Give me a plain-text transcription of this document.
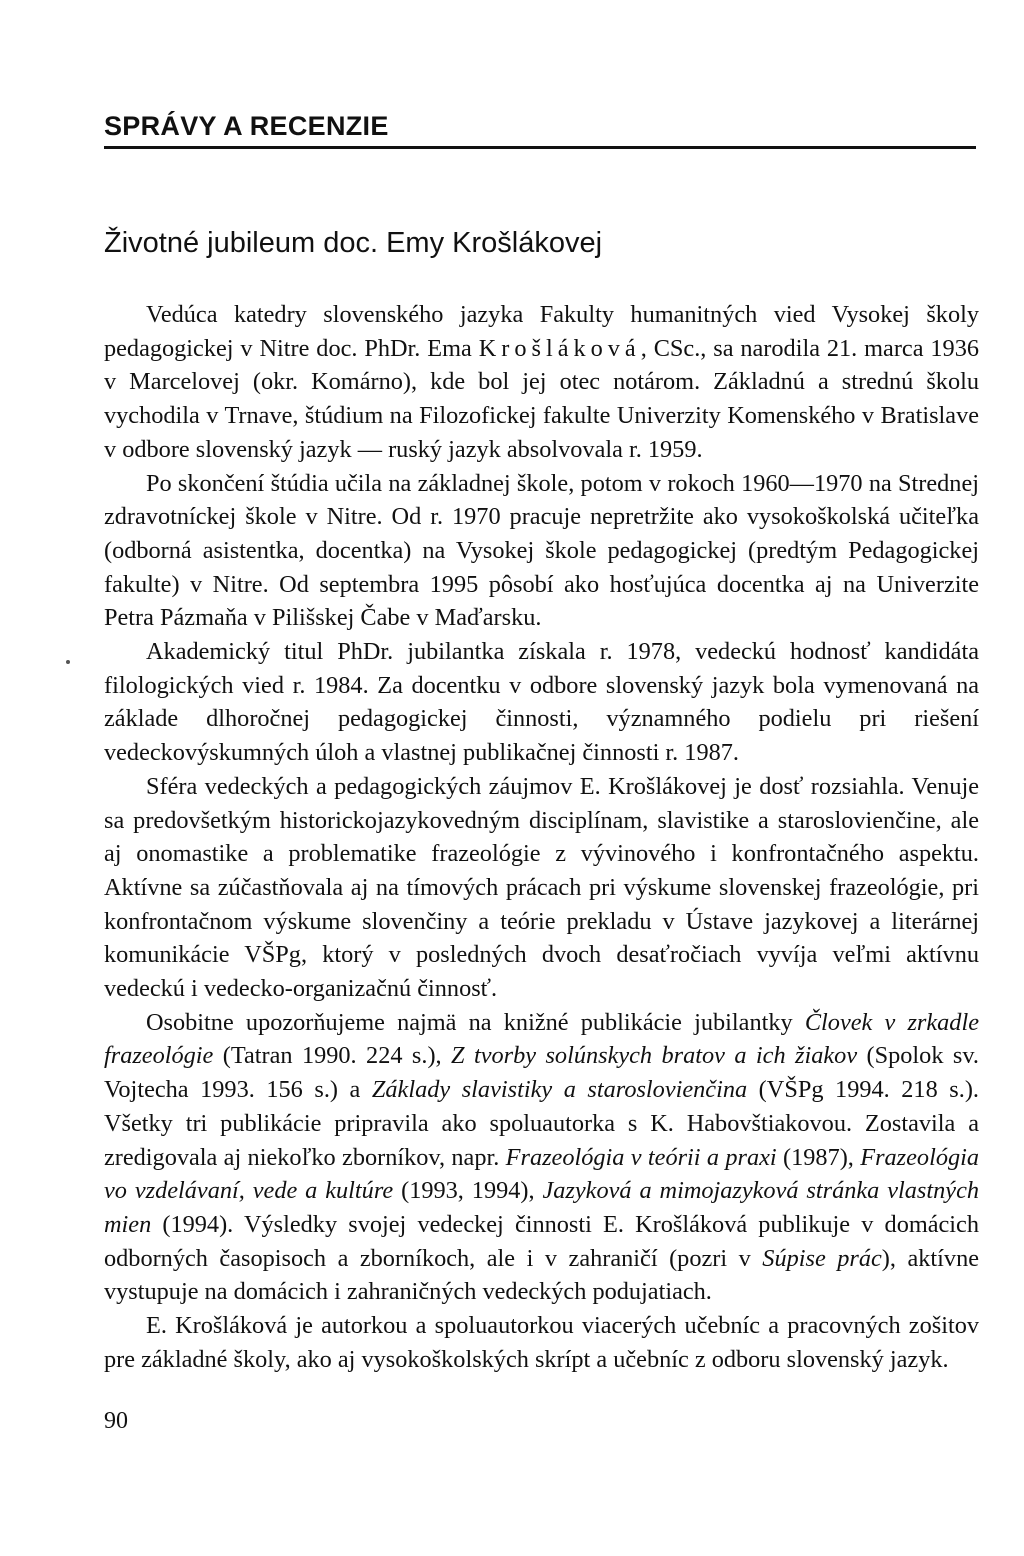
SPRÁVY A RECENZIE
Životné jubileum doc. Emy Krošlákovej

Vedúca katedry slovenského jazyka Fakulty humanitných vied Vysokej školy pedagogickej v Nitre doc. PhDr. Ema Krošláková, CSc., sa narodila 21. marca 1936 v Marcelovej (okr. Komárno), kde bol jej otec notárom. Základnú a strednú školu vychodila v Trnave, štúdium na Filozofickej fakulte Univerzity Komenského v Bratislave v odbore slovenský jazyk — ruský jazyk absolvovala r. 1959.

Po skončení štúdia učila na základnej škole, potom v rokoch 1960—1970 na Strednej zdravotníckej škole v Nitre. Od r. 1970 pracuje nepretržite ako vysokoškolská učiteľka (odborná asistentka, docentka) na Vysokej škole pedagogickej (predtým Pedagogickej fakulte) v Nitre. Od septembra 1995 pôsobí ako hosťujúca docentka aj na Univerzite Petra Pázmaňa v Pilišskej Čabe v Maďarsku.

Akademický titul PhDr. jubilantka získala r. 1978, vedeckú hodnosť kandidáta filologických vied r. 1984. Za docentku v odbore slovenský jazyk bola vymenovaná na základe dlhoročnej pedagogickej činnosti, významného podielu pri riešení vedeckovýskumných úloh a vlastnej publikačnej činnosti r. 1987.

Sféra vedeckých a pedagogických záujmov E. Krošlákovej je dosť rozsiahla. Venuje sa predovšetkým historickojazykovedným disciplínam, slavistike a staroslovienčine, ale aj onomastike a problematike frazeológie z vývinového i konfrontačného aspektu. Aktívne sa zúčastňovala aj na tímových prácach pri výskume slovenskej frazeológie, pri konfrontačnom výskume slovenčiny a teórie prekladu v Ústave jazykovej a literárnej komunikácie VŠPg, ktorý v posledných dvoch desaťročiach vyvíja veľmi aktívnu vedeckú i vedecko-organizačnú činnosť.

Osobitne upozorňujeme najmä na knižné publikácie jubilantky Človek v zrkadle frazeológie (Tatran 1990. 224 s.), Z tvorby solúnskych bratov a ich žiakov (Spolok sv. Vojtecha 1993. 156 s.) a Základy slavistiky a staroslovienčina (VŠPg 1994. 218 s.). Všetky tri publikácie pripravila ako spoluautorka s K. Habovštiakovou. Zostavila a zredigovala aj niekoľko zborníkov, napr. Frazeológia v teórii a praxi (1987), Frazeológia vo vzdelávaní, vede a kultúre (1993, 1994), Jazyková a mimojazyková stránka vlastných mien (1994). Výsledky svojej vedeckej činnosti E. Krošláková publikuje v domácich odborných časopisoch a zborníkoch, ale i v zahraničí (pozri v Súpise prác), aktívne vystupuje na domácich i zahraničných vedeckých podujatiach.

E. Krošláková je autorkou a spoluautorkou viacerých učebníc a pracovných zošitov pre základné školy, ako aj vysokoškolských skrípt a učebníc z odboru slovenský jazyk.

90
